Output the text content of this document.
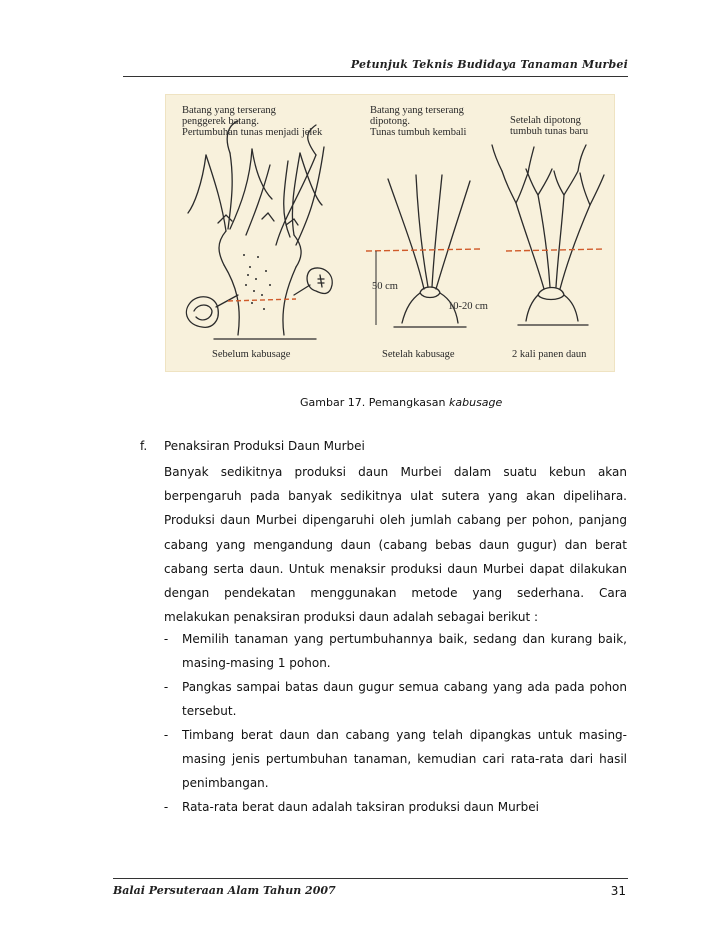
Petunjuk Teknis Budidaya Tanaman Murbei
Batang yang terserang
penggerek batang.
Pertumbuhan tunas menjadi jelek
Batang yang terserang
dipotong.
Tunas tumbuh kembali
Setelah dipotong
tumbuh tunas baru
50 cm
10-20 cm
Sebelum kabusage	Setelah kabusage	2 kali panen daun
Gambar 17. Pemangkasan kabusage
f. Penaksiran Produksi Daun Murbei
Banyak sedikitnya produksi daun Murbei dalam suatu kebun akan berpengaruh pada banyak sedikitnya ulat sutera yang akan dipelihara. Produksi daun Murbei dipengaruhi oleh jumlah cabang per pohon, panjang cabang yang mengandung daun (cabang bebas daun gugur) dan berat cabang serta daun. Untuk menaksir produksi daun Murbei dapat dilakukan dengan pendekatan menggunakan metode yang sederhana. Cara melakukan penaksiran produksi daun adalah sebagai berikut :
-	Memilih tanaman yang pertumbuhannya baik, sedang dan kurang baik, masing-masing 1 pohon.
-	Pangkas sampai batas daun gugur semua cabang yang ada pada pohon tersebut.
-	Timbang berat daun dan cabang yang telah dipangkas untuk masing-masing jenis pertumbuhan tanaman, kemudian cari rata-rata dari hasil penimbangan.
-	Rata-rata berat daun adalah taksiran produksi daun Murbei
Balai Persuteraan Alam Tahun 2007	31
